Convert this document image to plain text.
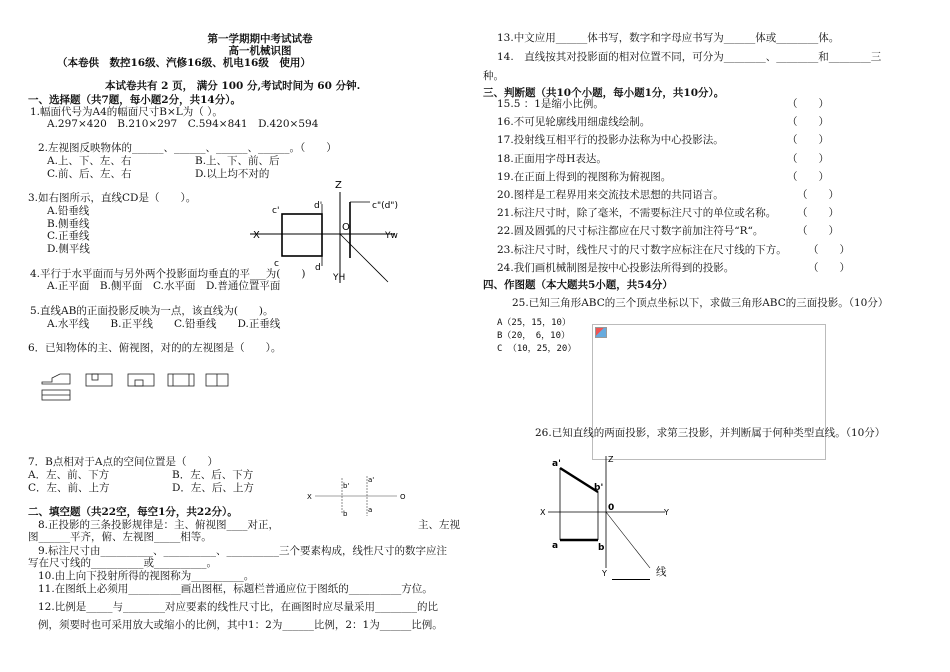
第一学期期中考试试卷
高一机械识图
（本卷供　数控16级、汽修16级、机电16级　使用）
本试卷共有 2 页， 满分 100 分,考试时间为 60 分钟.
一、选择题（共7题，每小题2分，共14分）。
1.幅面代号为A4的幅面尺寸B×L为（ ）。
A.297×420　B.210×297　C.594×841　D.420×594
2.左视图反映物体的______、______、______、______。（　　）
A.上、下、左、右	B.上、下、前、后
C.前、后、左、右	D.以上均不对的
3.如右图所示，直线CD是（　　）。
A.铅垂线
B.侧垂线
C.正垂线
D.侧平线
Z
X	Yw
YH
O
c'	d'	c"(d")
c	d
4.平行于水平面而与另外两个投影面均垂直的平___为(　　)
A.正平面　B.侧平面　C.水平面　D.普通位置平面
5.直线AB的正面投影反映为一点，该直线为(　　)。
A.水平线　　B.正平线　　C.铅垂线　　D.正垂线
6．已知物体的主、俯视图，对的的左视图是（　　）。
7．B点相对于A点的空间位置是（　　）
A．左、前、下方	B．左、后、下方
C．左、前、上方	D．左、后、上方
X	O
b'
a'
b	a
二、填空题（共22空，每空1分，共22分）。
8.正投影的三条投影规律是：主、俯视图____对正，	主、左视
图______平齐，俯、左视图_____相等。
9.标注尺寸由__________、__________、__________三个要素构成，线性尺寸的数字应注
写在尺寸线的__________或__________。
10.由上向下投射所得的视图称为__________。
11.在图纸上必须用__________画出图框，标题栏普通应位于图纸的__________方位。
12.比例是_____与________对应要素的线性尺寸比，在画图时应尽量采用________的比
例，须要时也可采用放大或缩小的比例，其中1：2为______比例，2：1为______比例。
13.中文应用______体书写，数字和字母应书写为______体或________体。
14.　直线按其对投影面的相对位置不同，可分为________、________和________三
种。
三、判断题（共10个小题，每小题1分，共10分）。
15.5 ：1是缩小比例。	（　　）
16.不可见轮廓线用细虚线绘制。	（　　）
17.投射线互相平行的投影办法称为中心投影法。	（　　）
18.正面用字母H表达。	（　　）
19.在正面上得到的视图称为俯视图。	（　　）
20.图样是工程界用来交流技术思想的共同语言。	（　　）
21.标注尺寸时，除了毫米，不需要标注尺寸的单位或名称。 （　　）
22.圆及圆弧的尺寸标注都应在尺寸数字前加注符号“R“。	（　　）
23.标注尺寸时，线性尺寸的尺寸数字应标注在尺寸线的下方。 （　　）
24.我们画机械制图是按中心投影法所得到的投影。	（　　）
四、作图题（本大题共5小题，共54分）
25.已知三角形ABC的三个顶点坐标以下，求做三角形ABC的三面投影。（10分）
A（25，15，10）
B（20，　6，10）
C （10，25，20）
26.已知直线的两面投影，求第三投影，并判断属于何种类型直线。（10分）
Z
X	Y
Y
0
a'
b'
a	b
线
